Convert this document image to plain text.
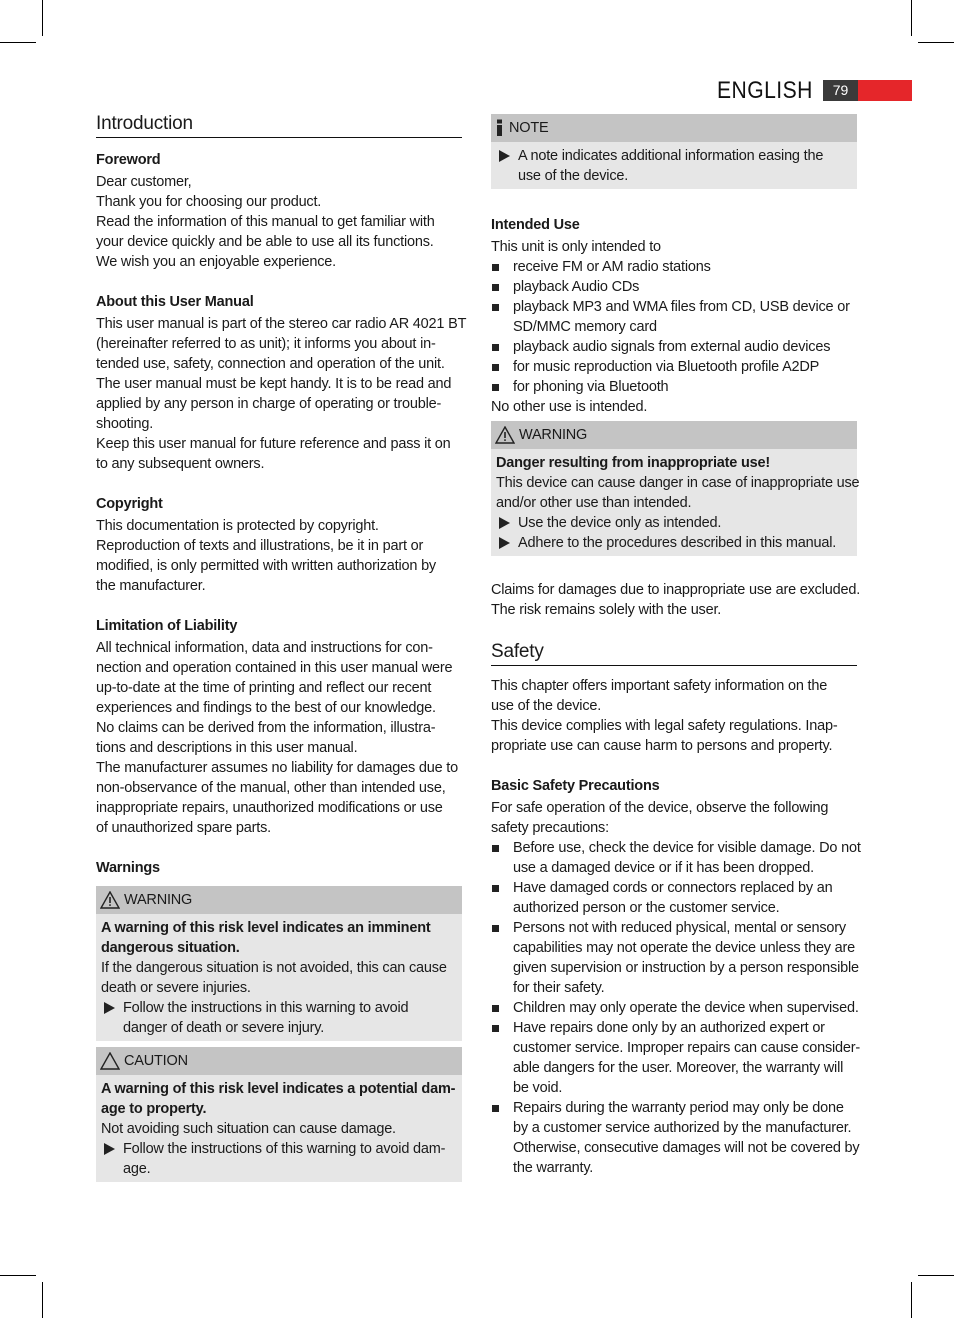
ENGLISH	79
Introduction
Foreword

Dear customer,
Thank you for choosing our product.
Read the information of this manual to get familiar with
your device quickly and be able to use all its functions.
We wish you an enjoyable experience.

About this User Manual

This user manual is part of the stereo car radio AR 4021 BT
(hereinafter referred to as unit); it informs you about in-
tended use, safety, connection and operation of the unit.
The user manual must be kept handy. It is to be read and
applied by any person in charge of operating or trouble-
shooting.
Keep this user manual for future reference and pass it on
to any subsequent owners.

Copyright

This documentation is protected by copyright.
Reproduction of texts and illustrations, be it in part or
modified, is only permitted with written authorization by
the manufacturer.

Limitation of Liability

All technical information, data and instructions for con-
nection and operation contained in this user manual were
up-to-date at the time of printing and reflect our recent
experiences and findings to the best of our knowledge.
No claims can be derived from the information, illustra-
tions and descriptions in this user manual.
The manufacturer assumes no liability for damages due to
non-observance of the manual, other than intended use,
inappropriate repairs, unauthorized modifications or use
of unauthorized spare parts.

Warnings
WARNING

A warning of this risk level indicates an imminent
dangerous situation.

If the dangerous situation is not avoided, this can cause
death or severe injuries.

Follow the instructions in this warning to avoid
danger of death or severe injury.
CAUTION

A warning of this risk level indicates a potential dam-
age to property.

Not avoiding such situation can cause damage.

Follow the instructions of this warning to avoid dam-
age.
NOTE
A note indicates additional information easing the
use of the device.
Intended Use

This unit is only intended to

receive FM or AM radio stations
playback Audio CDs
playback MP3 and WMA files from CD, USB device or
SD/MMC memory card
playback audio signals from external audio devices
for music reproduction via Bluetooth profile A2DP
for phoning via Bluetooth

No other use is intended.

WARNING

Danger resulting from inappropriate use!

This device can cause danger in case of inappropriate use
and/or other use than intended.

Use the device only as intended.
Adhere to the procedures described in this manual.

Claims for damages due to inappropriate use are excluded.
The risk remains solely with the user.

Safety

This chapter offers important safety information on the
use of the device.
This device complies with legal safety regulations. Inap-
propriate use can cause harm to persons and property.

Basic Safety Precautions

For safe operation of the device, observe the following
safety precautions:

Before use, check the device for visible damage. Do not
use a damaged device or if it has been dropped.
Have damaged cords or connectors replaced by an
authorized person or the customer service.
Persons not with reduced physical, mental or sensory
capabilities may not operate the device unless they are
given supervision or instruction by a person responsible
for their safety.
Children may only operate the device when supervised.
Have repairs done only by an authorized expert or
customer service. Improper repairs can cause consider-
able dangers for the user. Moreover, the warranty will
be void.
Repairs during the warranty period may only be done
by a customer service authorized by the manufacturer.
Otherwise, consecutive damages will not be covered by
the warranty.
